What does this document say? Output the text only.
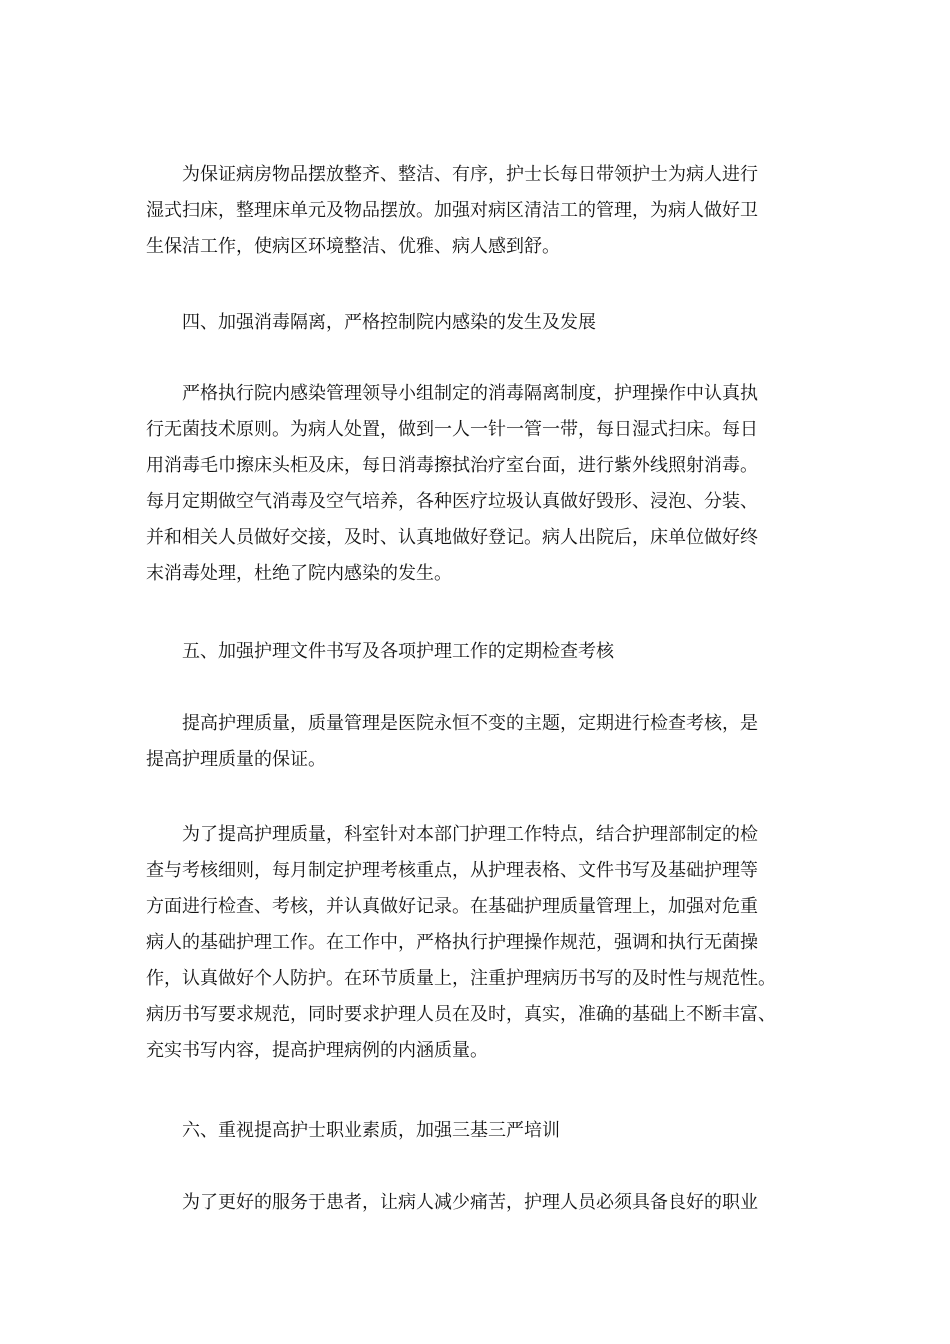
为保证病房物品摆放整齐、整洁、有序，护士长每日带领护士为病人进行
湿式扫床，整理床单元及物品摆放。加强对病区清洁工的管理，为病人做好卫
生保洁工作，使病区环境整洁、优雅、病人感到舒。
四、加强消毒隔离，严格控制院内感染的发生及发展
严格执行院内感染管理领导小组制定的消毒隔离制度，护理操作中认真执
行无菌技术原则。为病人处置，做到一人一针一管一带，每日湿式扫床。每日
用消毒毛巾擦床头柜及床，每日消毒擦拭治疗室台面，进行紫外线照射消毒。
每月定期做空气消毒及空气培养，各种医疗垃圾认真做好毁形、浸泡、分装、
并和相关人员做好交接，及时、认真地做好登记。病人出院后，床单位做好终
末消毒处理，杜绝了院内感染的发生。
五、加强护理文件书写及各项护理工作的定期检查考核
提高护理质量，质量管理是医院永恒不变的主题，定期进行检查考核，是
提高护理质量的保证。
为了提高护理质量，科室针对本部门护理工作特点，结合护理部制定的检
查与考核细则，每月制定护理考核重点，从护理表格、文件书写及基础护理等
方面进行检查、考核，并认真做好记录。在基础护理质量管理上，加强对危重
病人的基础护理工作。在工作中，严格执行护理操作规范，强调和执行无菌操
作，认真做好个人防护。在环节质量上，注重护理病历书写的及时性与规范性。
病历书写要求规范，同时要求护理人员在及时，真实，准确的基础上不断丰富、
充实书写内容，提高护理病例的内涵质量。
六、重视提高护士职业素质，加强三基三严培训
为了更好的服务于患者，让病人减少痛苦，护理人员必须具备良好的职业
